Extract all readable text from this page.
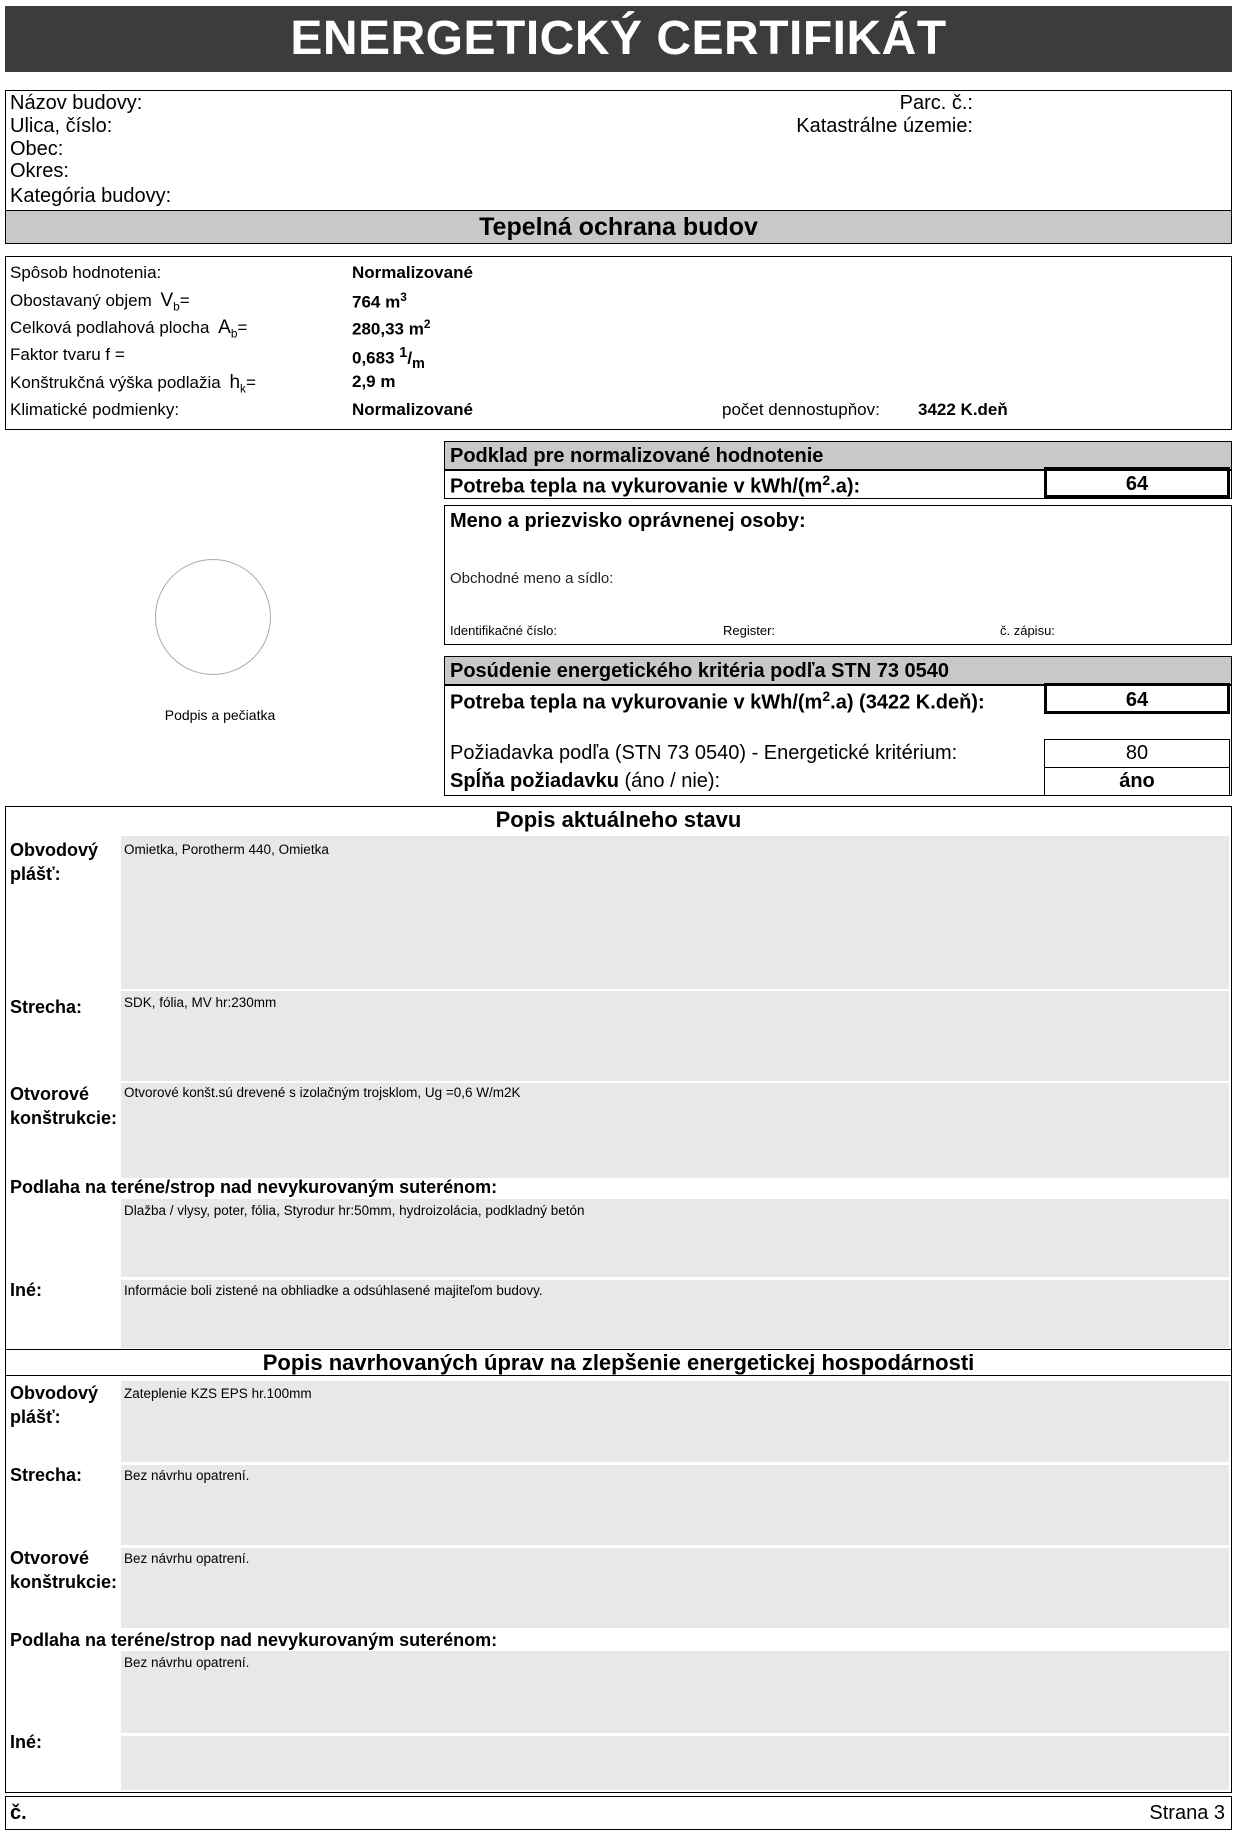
ENERGETICKÝ CERTIFIKÁT
Názov budovy:
Ulica, číslo:
Obec:
Okres:
Kategória budovy:
Parc. č.:
Katastrálne územie:
Tepelná ochrana budov
Spôsob hodnotenia:	Normalizované
Obostavaný objem $V_b=$	764 $m^3$
Celková podlahová plocha $A_b=$	280,33 $m^2$
Faktor tvaru f =	0,683 $^1/_m$
Konštrukčná výška podlažia $h_k=$	2,9 m
Klimatické podmienky:	Normalizované	počet dennostupňov: 3422 K.deň
Podpis a pečiatka
Podklad pre normalizované hodnotenie
Potreba tepla na vykurovanie v kWh/$(m^2.a)$:	64
Meno a priezvisko oprávnenej osoby:
Obchodné meno a sídlo:
Identifikačné číslo:	Register:	č. zápisu:
Posúdenie energetického kritéria podľa STN 73 0540
Potreba tepla na vykurovanie v kWh/$(m^2.a)$ (3422 K.deň):	64
Požiadavka podľa (STN 73 0540) - Energetické kritérium:	80
Spĺňa požiadavku (áno / nie):	áno
Popis aktuálneho stavu
Obvodový
plášť:
Omietka, Porotherm 440, Omietka
Strecha:	SDK, fólia, MV hr:230mm
Otvorové
konštrukcie:
Otvorové konšt.sú drevené s izolačným trojsklom, Ug =0,6 W/m2K
Podlaha na teréne/strop nad nevykurovaným suterénom:
Dlažba / vlysy, poter, fólia, Styrodur hr:50mm, hydroizolácia, podkladný betón
Iné:	Informácie boli zistené na obhliadke a odsúhlasené majiteľom budovy.
Popis navrhovaných úprav na zlepšenie energetickej hospodárnosti
Obvodový
plášť:
Zateplenie KZS EPS hr.100mm
Strecha:	Bez návrhu opatrení.
Otvorové
konštrukcie:
Bez návrhu opatrení.
Podlaha na teréne/strop nad nevykurovaným suterénom:
Bez návrhu opatrení.
Iné:
č.	Strana 3
